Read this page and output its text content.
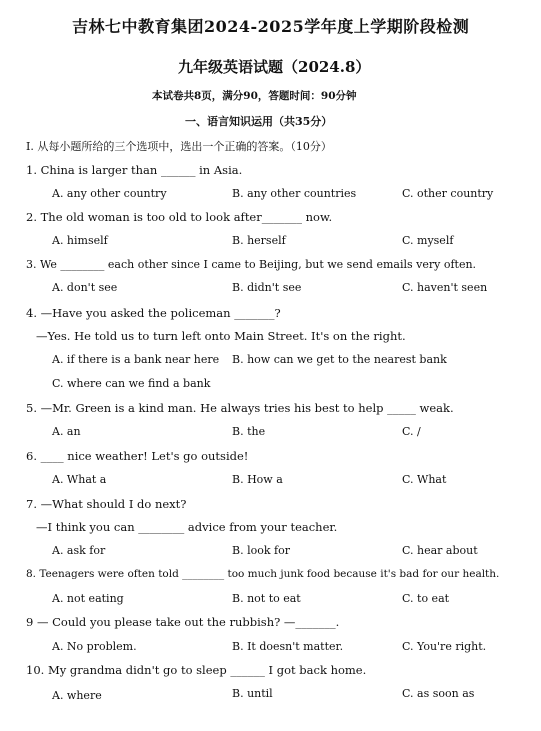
吉林七中教育集团2024-2025学年度上学期阶段检测
九年级英语试题（2024.8）
本试卷共8页，满分90，答题时间：90分钟
一、语言知识运用（共35分）
I. 从每小题所给的三个选项中，选出一个正确的答案。（10分）
1. China is larger than ______ in Asia.
A. any other country	B. any other countries	C. other country
2. The old woman is too old to look after_______ now.
A. himself	B. herself	C. myself
3. We ________ each other since I came to Beijing, but we send emails very often.
A. don't see	B. didn't see	C. haven't seen
4. —Have you asked the policeman _______?
—Yes. He told us to turn left onto Main Street. It's on the right.
A. if there is a bank near here B. how can we get to the nearest bank
C. where can we find a bank
5. —Mr. Green is a kind man. He always tries his best to help _____ weak.
A. an	B. the	C. /
6. ____ nice weather! Let's go outside!
A. What a	B. How a	C. What
7. —What should I do next?
—I think you can ________ advice from your teacher.
A. ask for	B. look for	C. hear about
8. Teenagers were often told ________ too much junk food because it's bad for our health.
A. not eating	B. not to eat	C. to eat
9 — Could you please take out the rubbish? —_______.
A. No problem.	B. It doesn't matter.	C. You're right.
10. My grandma didn't go to sleep ______ I got back home.
A. where	B. until	C. as soon as
